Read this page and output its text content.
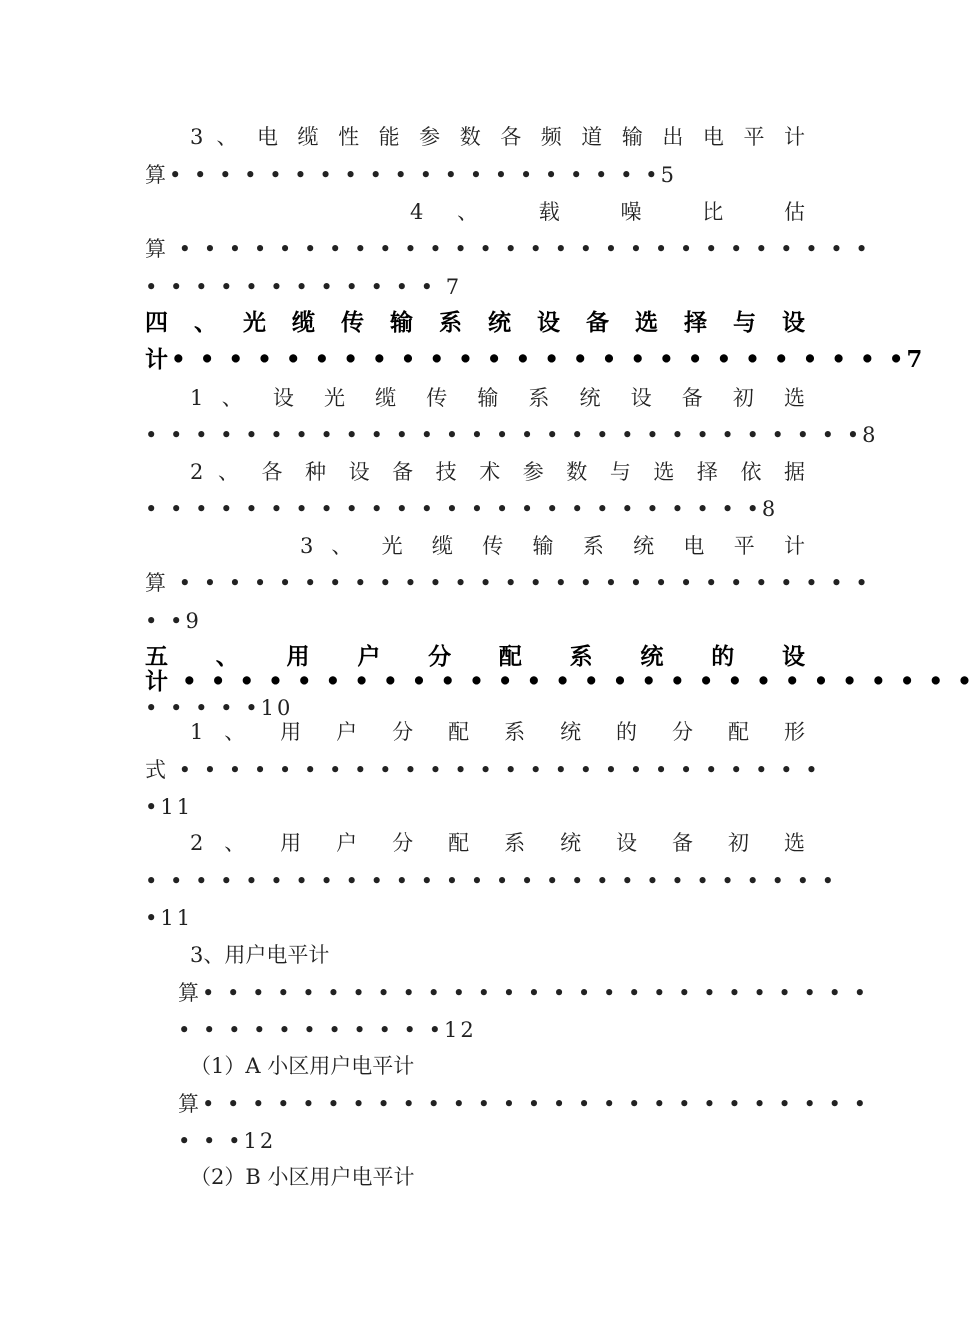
3 、 电 缆 性 能 参 数 各 频 道 输 出 电 平 计
算• • • • • • • • • • • • • • • • • • • •5
4 、 载 噪 比 估
算 • • • • • • • • • • • • • • • • • • • • • • • • • • • •
• • • • • • • • • • • • 7
四 、 光 缆 传 输 系 统 设 备 选 择 与 设
计• • • • • • • • • • • • • • • • • • • • • • • • • •7
1 、 设 光 缆 传 输 系 统 设 备 初 选
• • • • • • • • • • • • • • • • • • • • • • • • • • • • •8
2 、 各 种 设 备 技 术 参 数 与 选 择 依 据
• • • • • • • • • • • • • • • • • • • • • • • • •8
3 、 光 缆 传 输 系 统 电 平 计
算 • • • • • • • • • • • • • • • • • • • • • • • • • • • •
• •9
五 、 用 户 分 配 系 统 的 设
计 • • • • • • • • • • • • • • • • • • • • • • • • • • • •
• • • • •10
1 、 用 户 分 配 系 统 的 分 配 形
式 • • • • • • • • • • • • • • • • • • • • • • • • • •
•11
2 、 用 户 分 配 系 统 设 备 初 选
• • • • • • • • • • • • • • • • • • • • • • • • • • • •
•11
3、用户电平计
算• • • • • • • • • • • • • • • • • • • • • • • • • • •
• • • • • • • • • • •12
（1）A 小区用户电平计
算• • • • • • • • • • • • • • • • • • • • • • • • • • •
• • •12
（2）B 小区用户电平计
